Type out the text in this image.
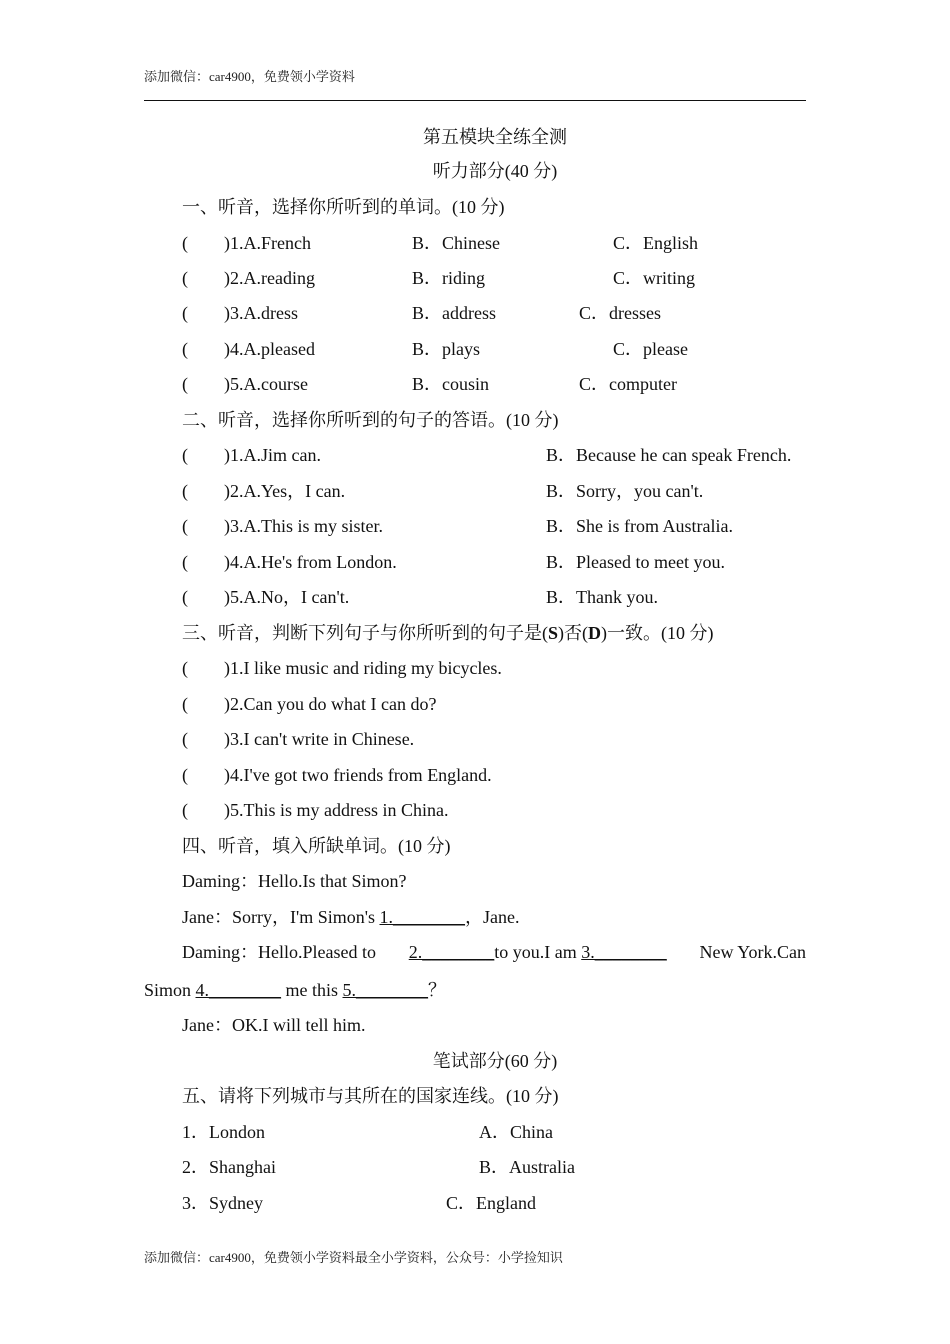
添加微信：car4900，免费领小学资料
第五模块全练全测
听力部分(40 分)
一、听音，选择你所听到的单词。(10 分)
(　　)1.A.French	B．Chinese	C．English
(　　)2.A.reading	B．riding	C．writing
(　　)3.A.dress	B．address	C．dresses
(　　)4.A.pleased	B．plays	C．please
(　　)5.A.course	B．cousin	C．computer
二、听音，选择你所听到的句子的答语。(10 分)
(　　)1.A.Jim can.	B．Because he can speak French.
(　　)2.A.Yes，I can.	B．Sorry，you can't.
(　　)3.A.This is my sister.	B．She is from Australia.
(　　)4.A.He's from London.	B．Pleased to meet you.
(　　)5.A.No，I can't.	B．Thank you.
三、听音，判断下列句子与你所听到的句子是(S)否(D)一致。(10 分)
(　　)1.I like music and riding my bicycles.
(　　)2.Can you do what I can do?
(　　)3.I can't write in Chinese.
(　　)4.I've got two friends from England.
(　　)5.This is my address in China.
四、听音，填入所缺单词。(10 分)
Daming：Hello.Is that Simon?
Jane：Sorry，I'm Simon's 1.________，Jane.
Daming：Hello.Pleased to 2.________to you.I am 3.________ New York.Can
Simon 4.________ me this 5.________？
Jane：OK.I will tell him.
笔试部分(60 分)
五、请将下列城市与其所在的国家连线。(10 分)
1．London	A．China
2．Shanghai	B．Australia
3．Sydney	C．England
添加微信：car4900，免费领小学资料最全小学资料，公众号：小学捡知识
